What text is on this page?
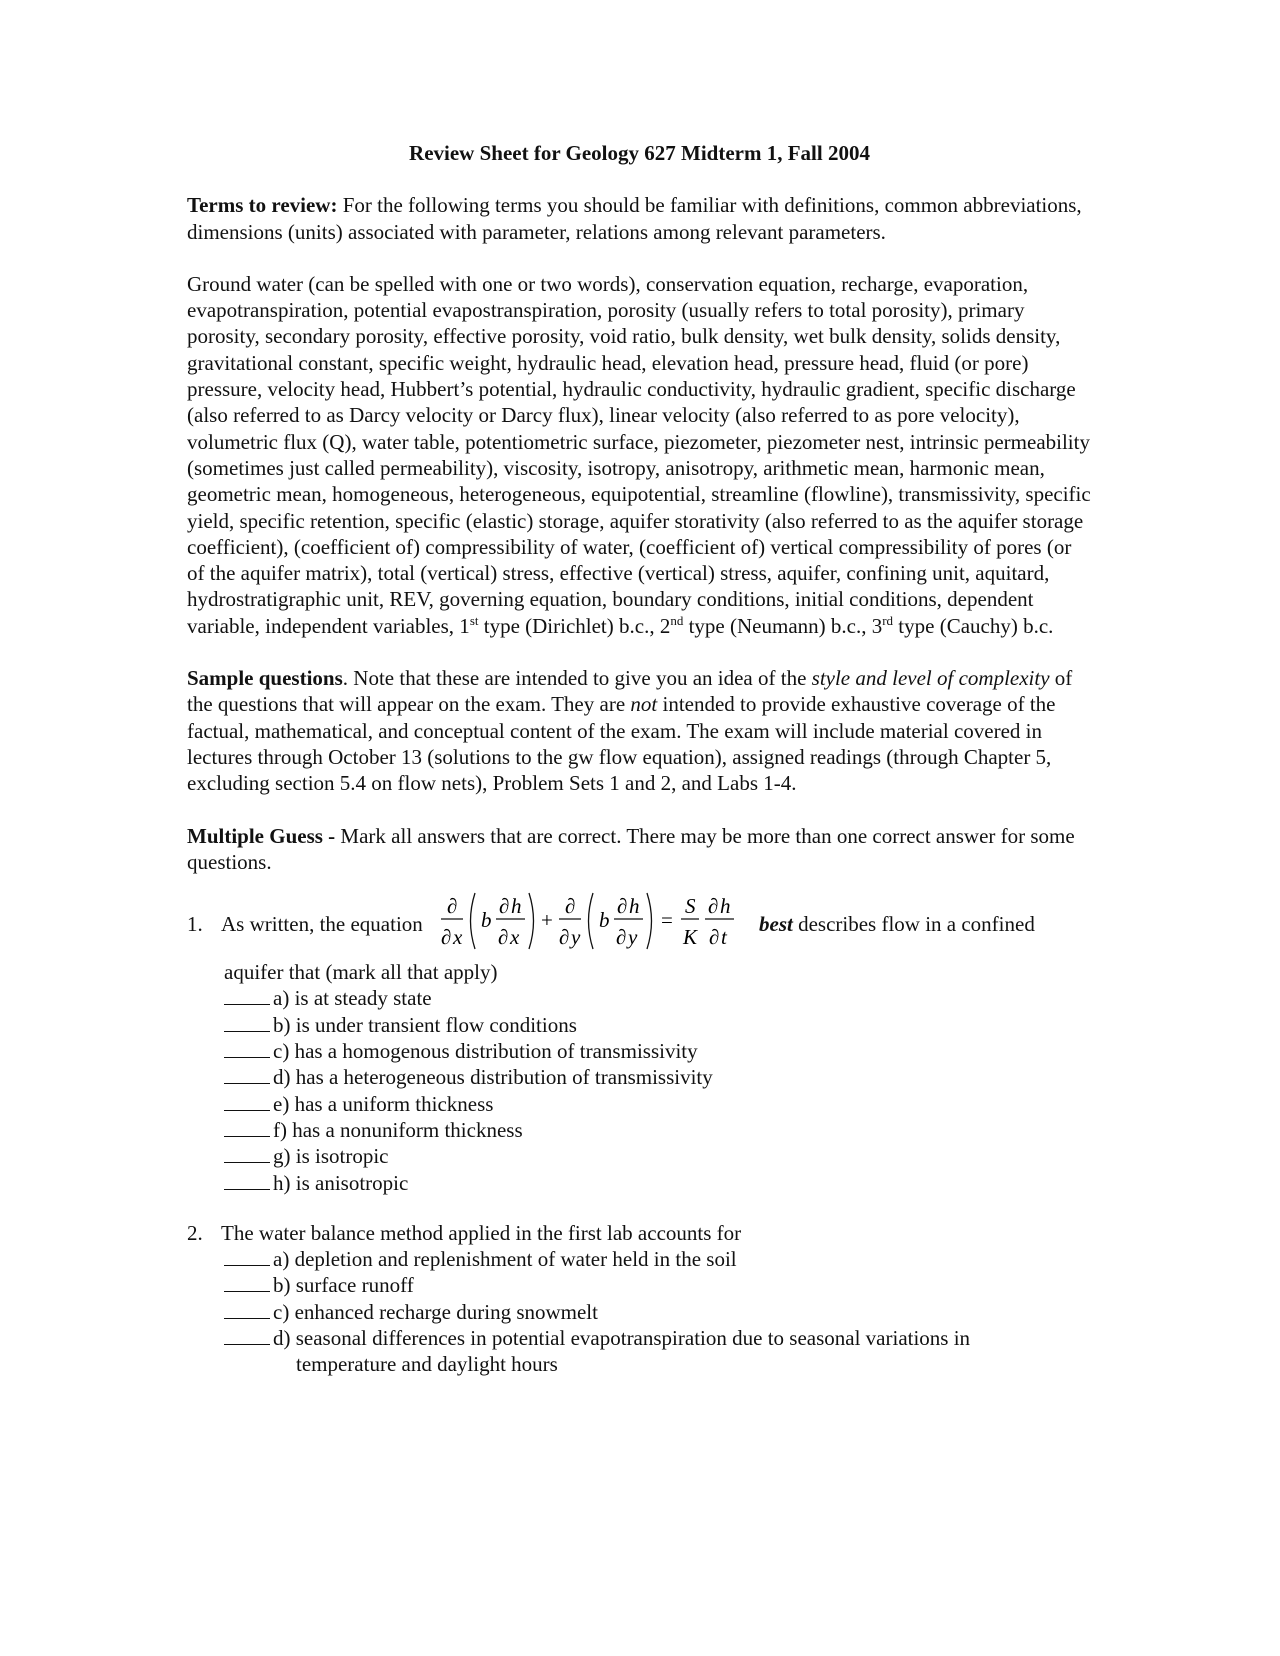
Review Sheet for Geology 627 Midterm 1, Fall 2004

Terms to review: For the following terms you should be familiar with definitions, common abbreviations, dimensions (units) associated with parameter, relations among relevant parameters.

Ground water (can be spelled with one or two words), conservation equation, recharge, evaporation, evapotranspiration, potential evapostranspiration, porosity (usually refers to total porosity), primary porosity, secondary porosity, effective porosity, void ratio, bulk density, wet bulk density, solids density, gravitational constant, specific weight, hydraulic head, elevation head, pressure head, fluid (or pore) pressure, velocity head, Hubbert’s potential, hydraulic conductivity, hydraulic gradient, specific discharge (also referred to as Darcy velocity or Darcy flux), linear velocity (also referred to as pore velocity), volumetric flux (Q), water table, potentiometric surface, piezometer, piezometer nest, intrinsic permeability (sometimes just called permeability), viscosity, isotropy, anisotropy, arithmetic mean, harmonic mean, geometric mean, homogeneous, heterogeneous, equipotential, streamline (flowline), transmissivity, specific yield, specific retention, specific (elastic) storage, aquifer storativity (also referred to as the aquifer storage coefficient), (coefficient of) compressibility of water, (coefficient of) vertical compressibility of pores (or of the aquifer matrix), total (vertical) stress, effective (vertical) stress, aquifer, confining unit, aquitard, hydrostratigraphic unit, REV, governing equation, boundary conditions, initial conditions, dependent variable, independent variables, 1st type (Dirichlet) b.c., 2nd type (Neumann) b.c., 3rd type (Cauchy) b.c.

Sample questions. Note that these are intended to give you an idea of the style and level of complexity of the questions that will appear on the exam. They are not intended to provide exhaustive coverage of the factual, mathematical, and conceptual content of the exam. The exam will include material covered in lectures through October 13 (solutions to the gw flow equation), assigned readings (through Chapter 5, excluding section 5.4 on flow nets), Problem Sets 1 and 2, and Labs 1-4.

Multiple Guess - Mark all answers that are correct. There may be more than one correct answer for some questions.

1. As written, the equation
∂
∂ x
b
∂ h
∂ x
+
∂
∂ y
b
∂ h
∂ y
=
S
K
∂ h
∂ t
best describes flow in a confined
aquifer that (mark all that apply)
a) is at steady state
b) is under transient flow conditions
c) has a homogenous distribution of transmissivity
d) has a heterogeneous distribution of transmissivity
e) has a uniform thickness
f) has a nonuniform thickness
g) is isotropic
h) is anisotropic
2. The water balance method applied in the first lab accounts for
a) depletion and replenishment of water held in the soil
b) surface runoff
c) enhanced recharge during snowmelt
d) seasonal differences in potential evapotranspiration due to seasonal variations in
temperature and daylight hours
